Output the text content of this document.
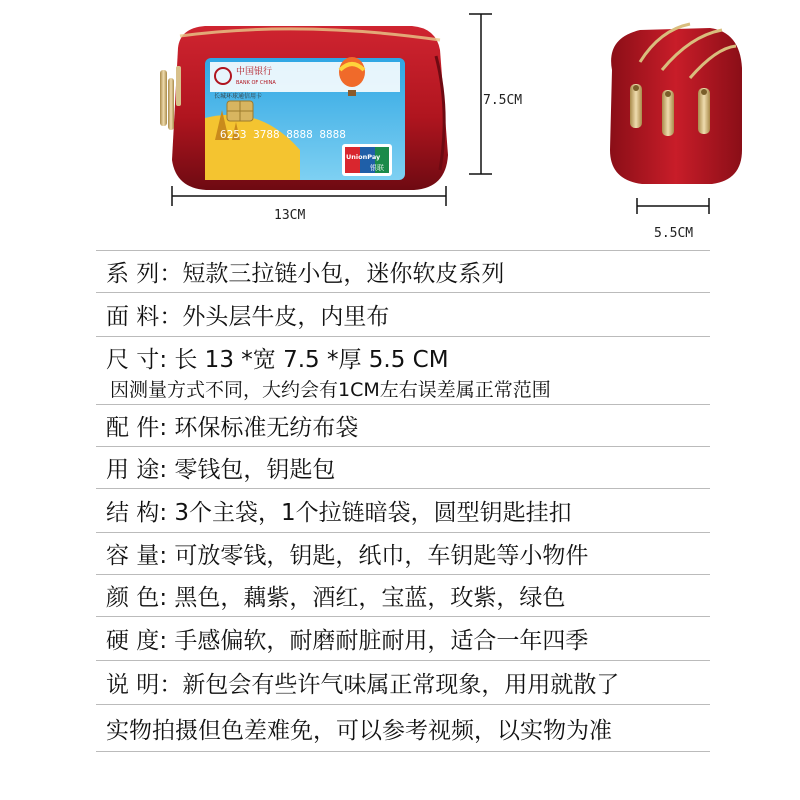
中国银行
BANK OF CHINA
长城环球通信用卡
6253 3788 8888 8888
UnionPay
银联
7.5CM
13CM
5.5CM
系 列：短款三拉链小包，迷你软皮系列
面 料：外头层牛皮，内里布
尺 寸: 长 13 *宽 7.5 *厚 5.5 CM
因测量方式不同，大约会有1CM左右误差属正常范围
配 件: 环保标准无纺布袋
用 途: 零钱包，钥匙包
结 构: 3个主袋，1个拉链暗袋，圆型钥匙挂扣
容 量: 可放零钱，钥匙，纸巾，车钥匙等小物件
颜 色: 黑色，藕紫，酒红，宝蓝，玫紫，绿色
硬 度: 手感偏软，耐磨耐脏耐用，适合一年四季
说 明：新包会有些许气味属正常现象，用用就散了
实物拍摄但色差难免，可以参考视频，以实物为准
